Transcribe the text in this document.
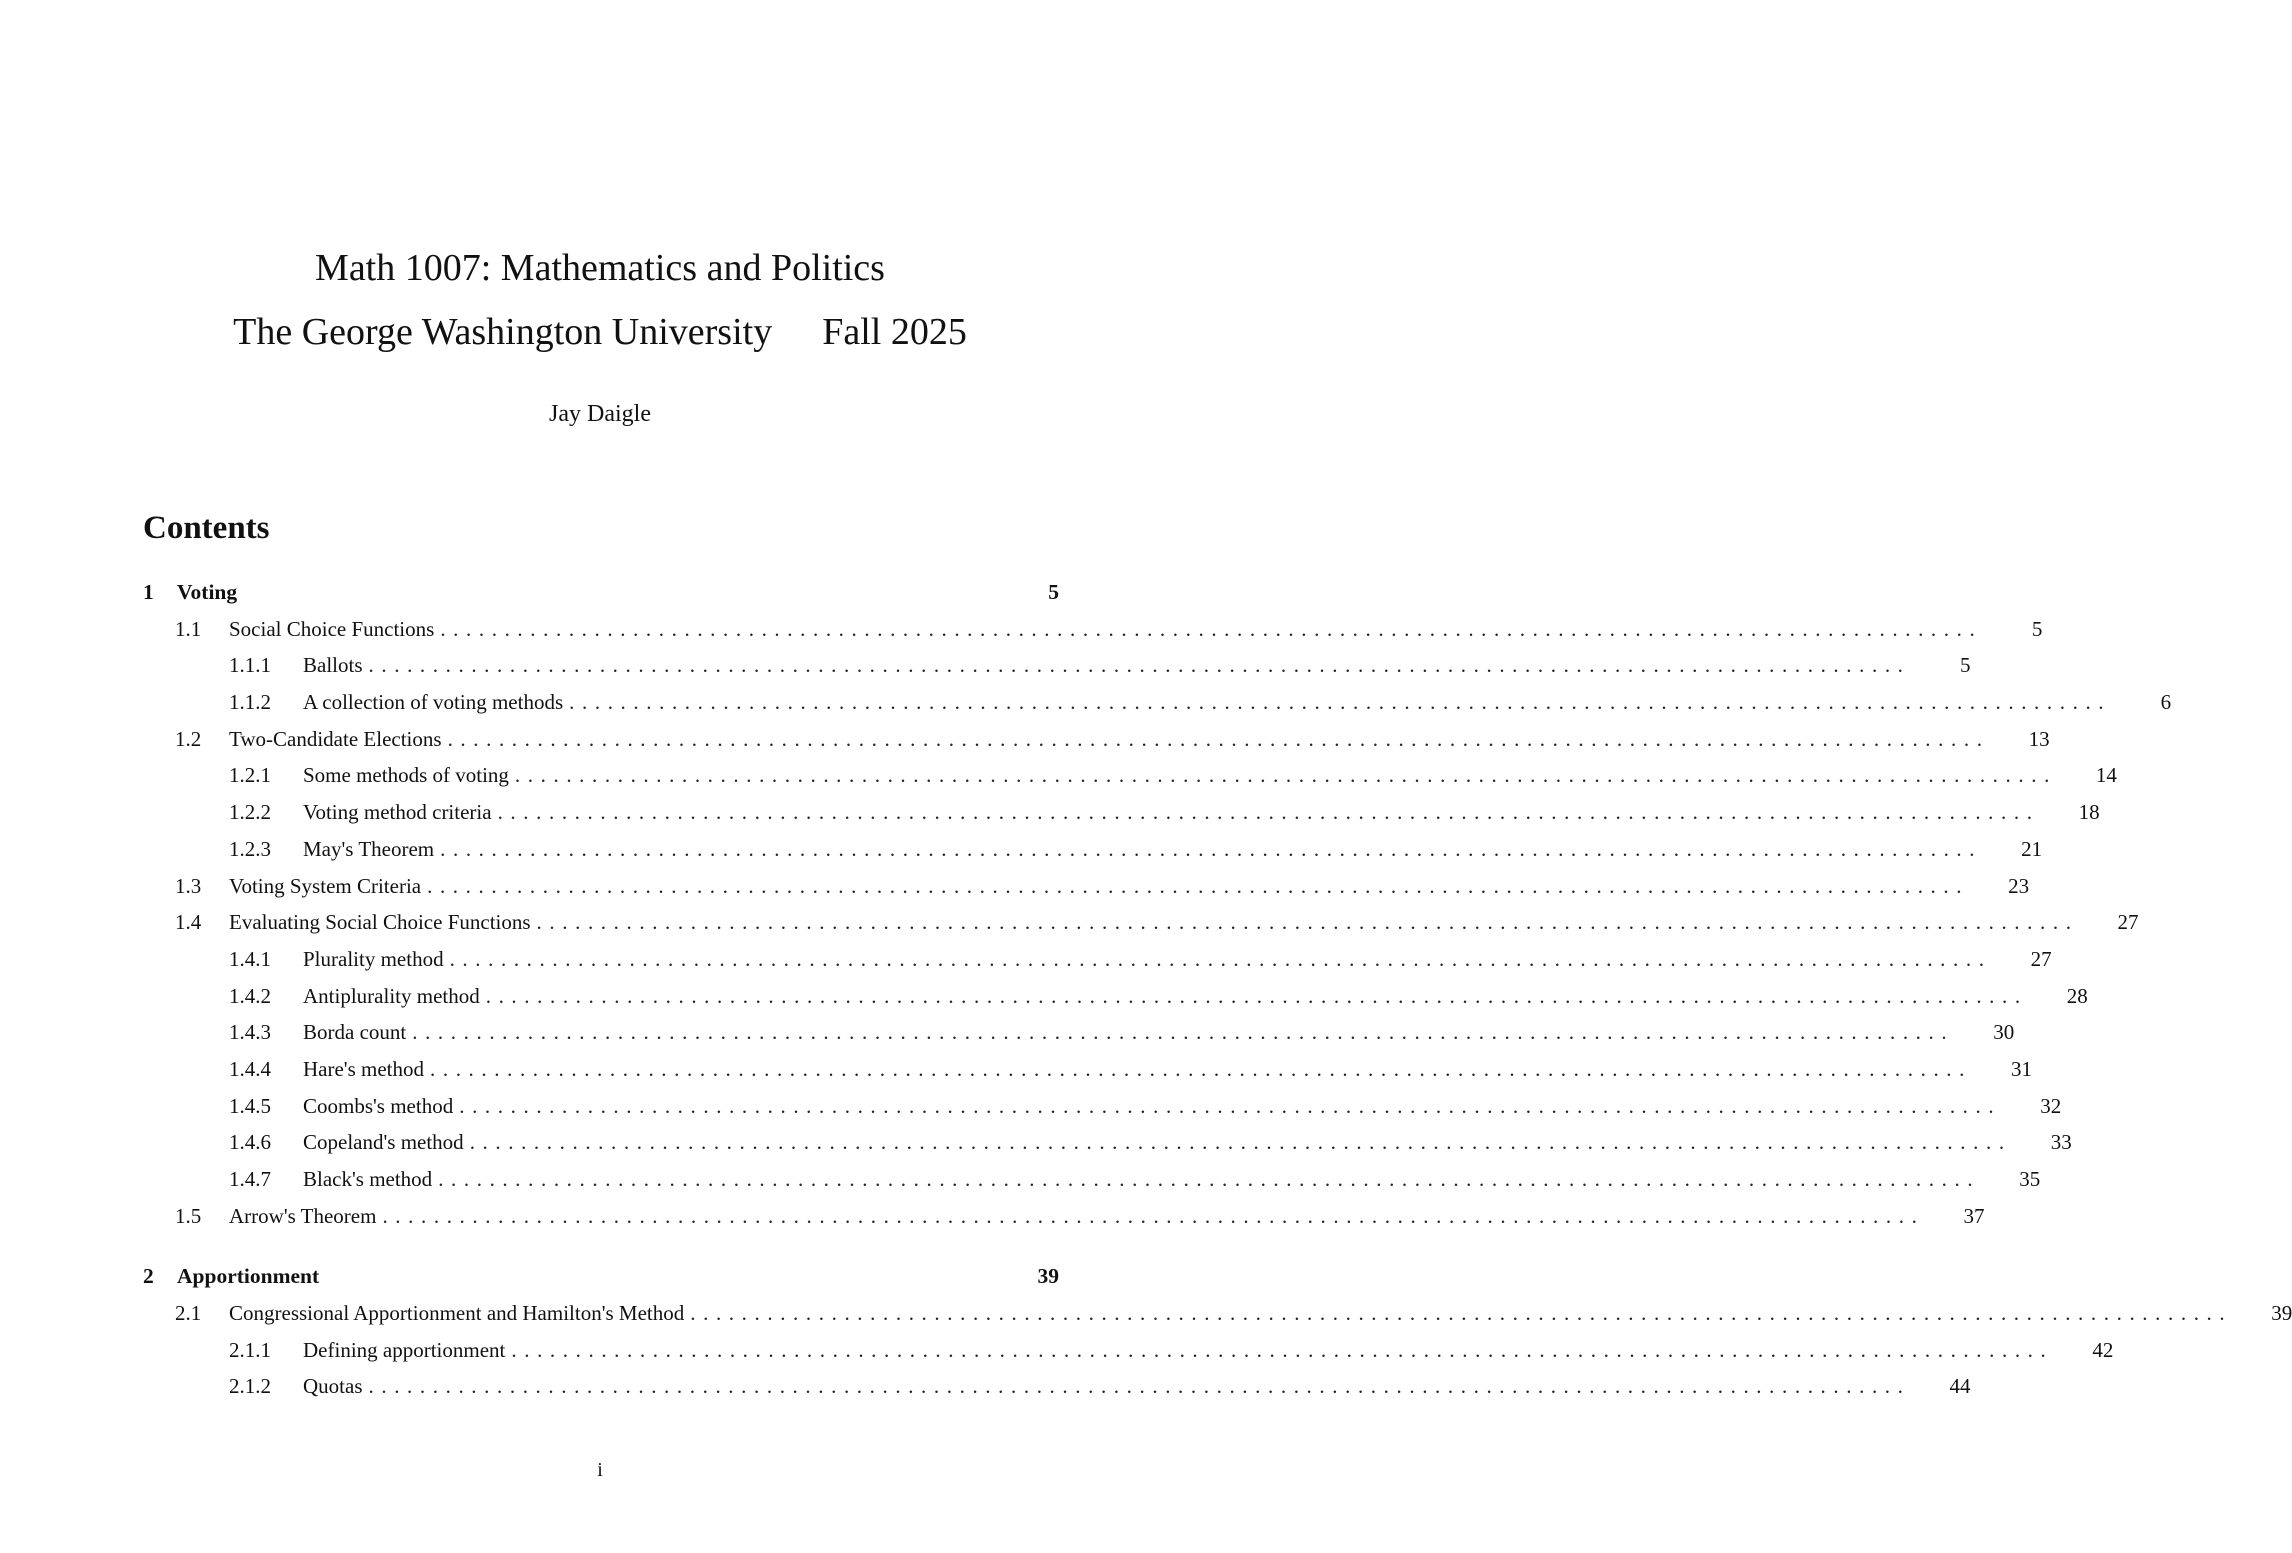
Math 1007: Mathematics and Politics
The George Washington University Fall 2025
Jay Daigle
Contents
1	Voting	5
1.1	Social Choice Functions ........................................................................................................................	5
1.1.1	Ballots ........................................................................................................................	5
1.1.2	A collection of voting methods ........................................................................................................................	6
1.2	Two-Candidate Elections ........................................................................................................................	13
1.2.1	Some methods of voting ........................................................................................................................	14
1.2.2	Voting method criteria ........................................................................................................................	18
1.2.3	May's Theorem ........................................................................................................................	21
1.3	Voting System Criteria ........................................................................................................................	23
1.4	Evaluating Social Choice Functions ........................................................................................................................	27
1.4.1	Plurality method ........................................................................................................................	27
1.4.2	Antiplurality method ........................................................................................................................	28
1.4.3	Borda count ........................................................................................................................	30
1.4.4	Hare's method ........................................................................................................................	31
1.4.5	Coombs's method ........................................................................................................................	32
1.4.6	Copeland's method ........................................................................................................................	33
1.4.7	Black's method ........................................................................................................................	35
1.5	Arrow's Theorem ........................................................................................................................	37
2	Apportionment	39
2.1	Congressional Apportionment and Hamilton's Method ........................................................................................................................	39
2.1.1	Defining apportionment ........................................................................................................................	42
2.1.2	Quotas ........................................................................................................................	44
i
